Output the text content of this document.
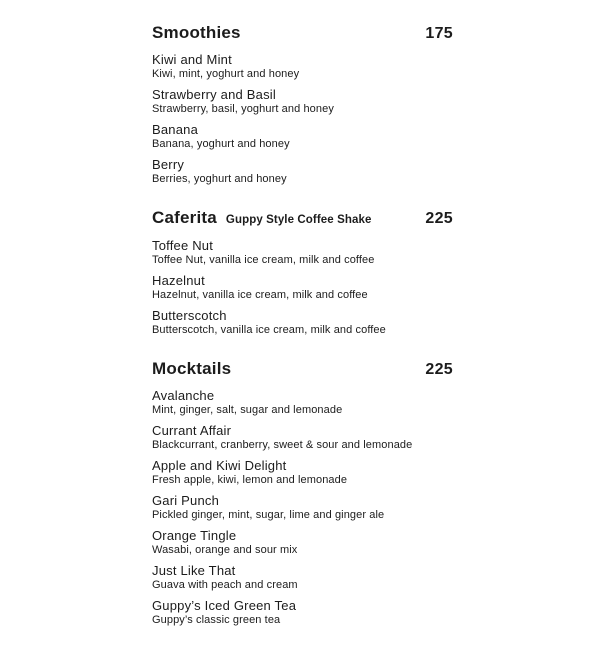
Smoothies	175
Kiwi and Mint
Kiwi, mint, yoghurt and honey
Strawberry and Basil
Strawberry, basil, yoghurt and honey
Banana
Banana, yoghurt and honey
Berry
Berries, yoghurt and honey
Caferita Guppy Style Coffee Shake	225
Toffee Nut
Toffee Nut, vanilla ice cream, milk and coffee
Hazelnut
Hazelnut, vanilla ice cream, milk and coffee
Butterscotch
Butterscotch, vanilla ice cream, milk and coffee
Mocktails	225
Avalanche
Mint, ginger, salt, sugar and lemonade
Currant Affair
Blackcurrant, cranberry, sweet & sour and lemonade
Apple and Kiwi Delight
Fresh apple, kiwi, lemon and lemonade
Gari Punch
Pickled ginger, mint, sugar, lime and ginger ale
Orange Tingle
Wasabi, orange and sour mix
Just Like That
Guava with peach and cream
Guppy’s Iced Green Tea
Guppy’s classic green tea
